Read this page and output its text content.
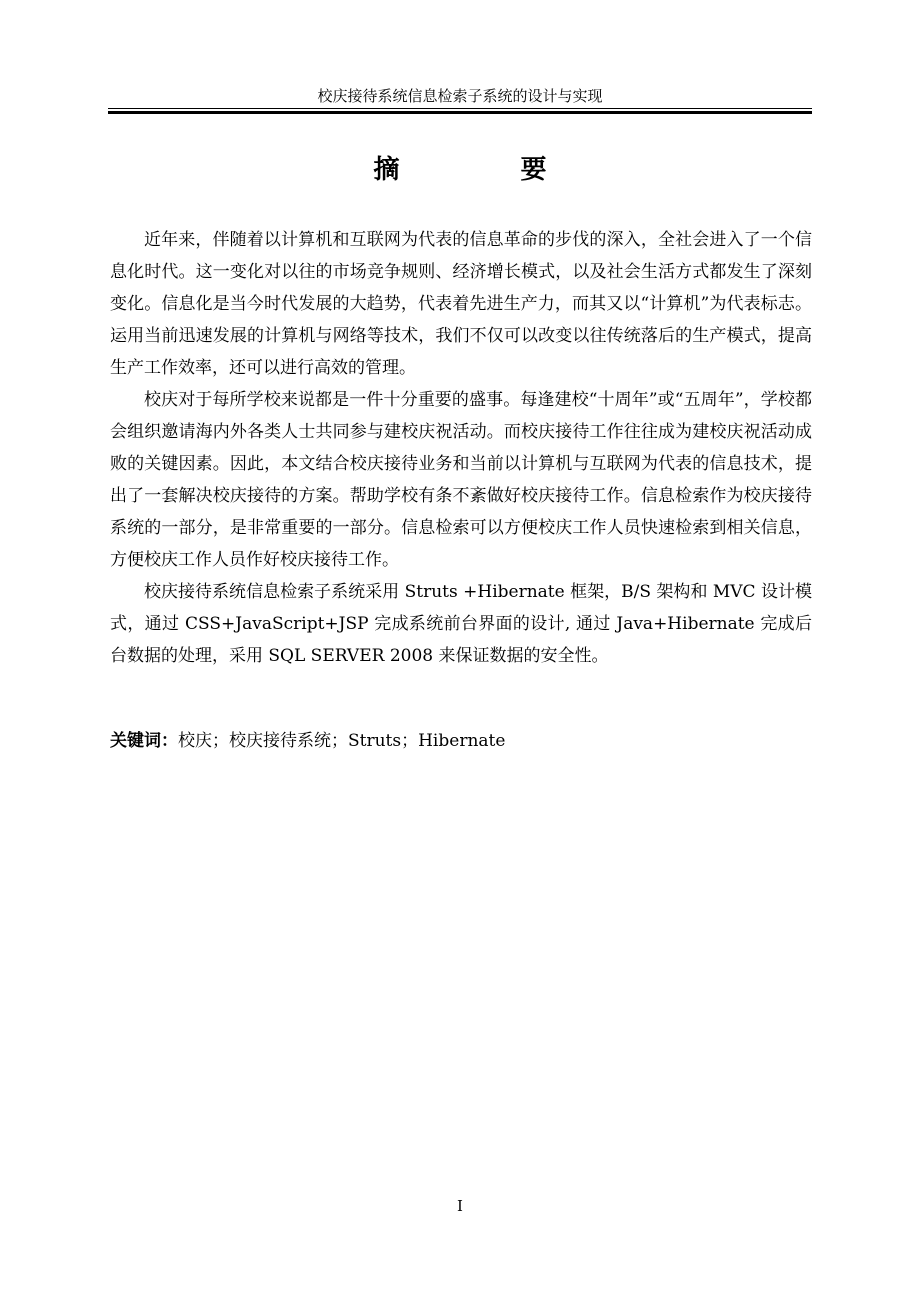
校庆接待系统信息检索子系统的设计与实现
摘 要

近年来，伴随着以计算机和互联网为代表的信息革命的步伐的深入，全社会进入了一个信息化时代。这一变化对以往的市场竞争规则、经济增长模式，以及社会生活方式都发生了深刻变化。信息化是当今时代发展的大趋势，代表着先进生产力，而其又以“计算机”为代表标志。运用当前迅速发展的计算机与网络等技术，我们不仅可以改变以往传统落后的生产模式，提高生产工作效率，还可以进行高效的管理。

校庆对于每所学校来说都是一件十分重要的盛事。每逢建校“十周年”或“五周年”，学校都会组织邀请海内外各类人士共同参与建校庆祝活动。而校庆接待工作往往成为建校庆祝活动成败的关键因素。因此，本文结合校庆接待业务和当前以计算机与互联网为代表的信息技术，提出了一套解决校庆接待的方案。帮助学校有条不紊做好校庆接待工作。信息检索作为校庆接待系统的一部分，是非常重要的一部分。信息检索可以方便校庆工作人员快速检索到相关信息，方便校庆工作人员作好校庆接待工作。

校庆接待系统信息检索子系统采用 Struts +Hibernate 框架，B/S 架构和 MVC 设计模式，通过 CSS+JavaScript+JSP 完成系统前台界面的设计, 通过 Java+Hibernate 完成后台数据的处理，采用 SQL SERVER 2008 来保证数据的安全性。

关键词：校庆；校庆接待系统；Struts；Hibernate
I
